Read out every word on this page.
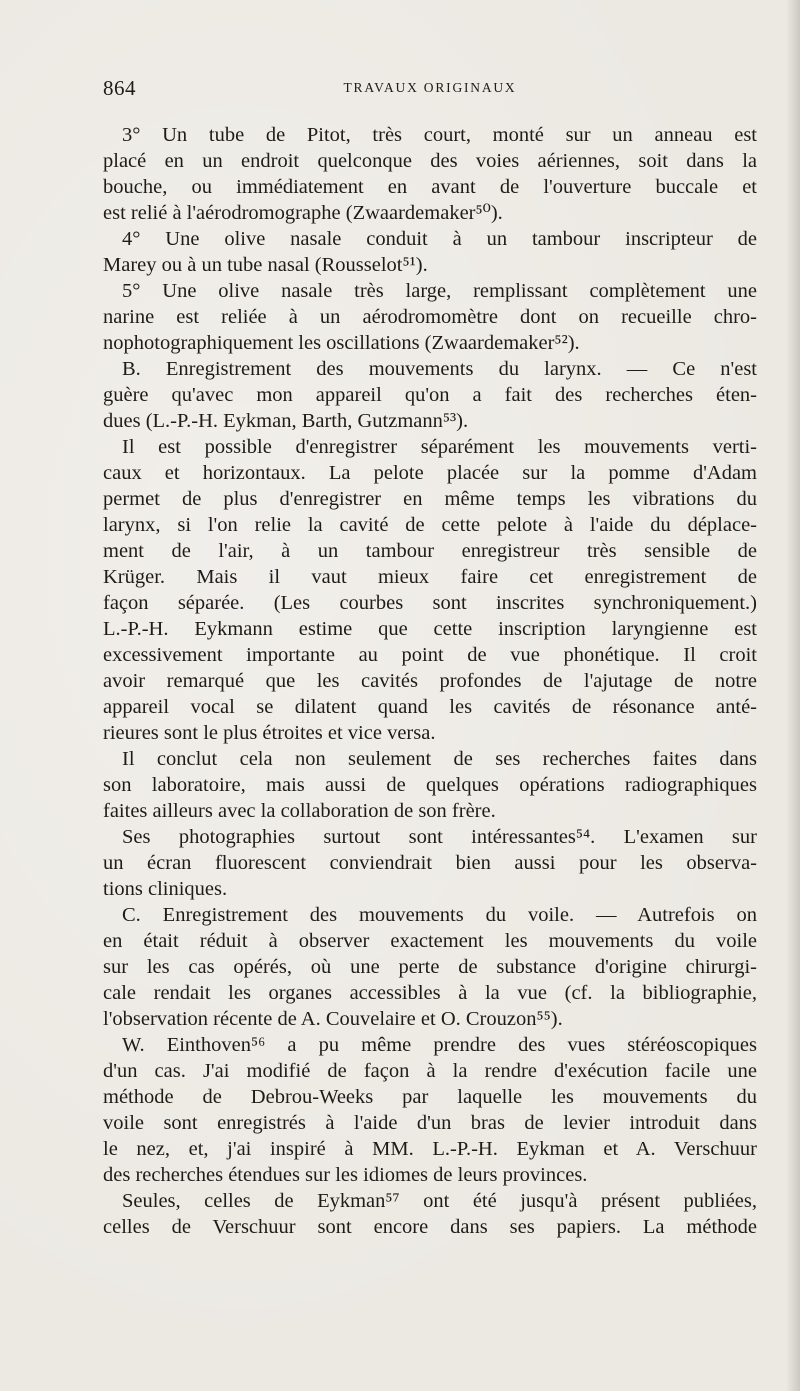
864	TRAVAUX ORIGINAUX
3° Un tube de Pitot, très court, monté sur un anneau est
placé en un endroit quelconque des voies aériennes, soit dans la
bouche, ou immédiatement en avant de l'ouverture buccale et
est relié à l'aérodromographe (Zwaardemaker⁵⁰).
4° Une olive nasale conduit à un tambour inscripteur de
Marey ou à un tube nasal (Rousselot⁵¹).
5° Une olive nasale très large, remplissant complètement une
narine est reliée à un aérodromomètre dont on recueille chro-
nophotographiquement les oscillations (Zwaardemaker⁵²).
B. Enregistrement des mouvements du larynx. — Ce n'est
guère qu'avec mon appareil qu'on a fait des recherches éten-
dues (L.-P.-H. Eykman, Barth, Gutzmann⁵³).
Il est possible d'enregistrer séparément les mouvements verti-
caux et horizontaux. La pelote placée sur la pomme d'Adam
permet de plus d'enregistrer en même temps les vibrations du
larynx, si l'on relie la cavité de cette pelote à l'aide du déplace-
ment de l'air, à un tambour enregistreur très sensible de
Krüger. Mais il vaut mieux faire cet enregistrement de
façon séparée. (Les courbes sont inscrites synchroniquement.)
L.-P.-H. Eykmann estime que cette inscription laryngienne est
excessivement importante au point de vue phonétique. Il croit
avoir remarqué que les cavités profondes de l'ajutage de notre
appareil vocal se dilatent quand les cavités de résonance anté-
rieures sont le plus étroites et vice versa.
Il conclut cela non seulement de ses recherches faites dans
son laboratoire, mais aussi de quelques opérations radiographiques
faites ailleurs avec la collaboration de son frère.
Ses photographies surtout sont intéressantes⁵⁴. L'examen sur
un écran fluorescent conviendrait bien aussi pour les observa-
tions cliniques.
C. Enregistrement des mouvements du voile. — Autrefois on
en était réduit à observer exactement les mouvements du voile
sur les cas opérés, où une perte de substance d'origine chirurgi-
cale rendait les organes accessibles à la vue (cf. la bibliographie,
l'observation récente de A. Couvelaire et O. Crouzon⁵⁵).
W. Einthoven⁵⁶ a pu même prendre des vues stéréoscopiques
d'un cas. J'ai modifié de façon à la rendre d'exécution facile une
méthode de Debrou-Weeks par laquelle les mouvements du
voile sont enregistrés à l'aide d'un bras de levier introduit dans
le nez, et, j'ai inspiré à MM. L.-P.-H. Eykman et A. Verschuur
des recherches étendues sur les idiomes de leurs provinces.
Seules, celles de Eykman⁵⁷ ont été jusqu'à présent publiées,
celles de Verschuur sont encore dans ses papiers. La méthode
